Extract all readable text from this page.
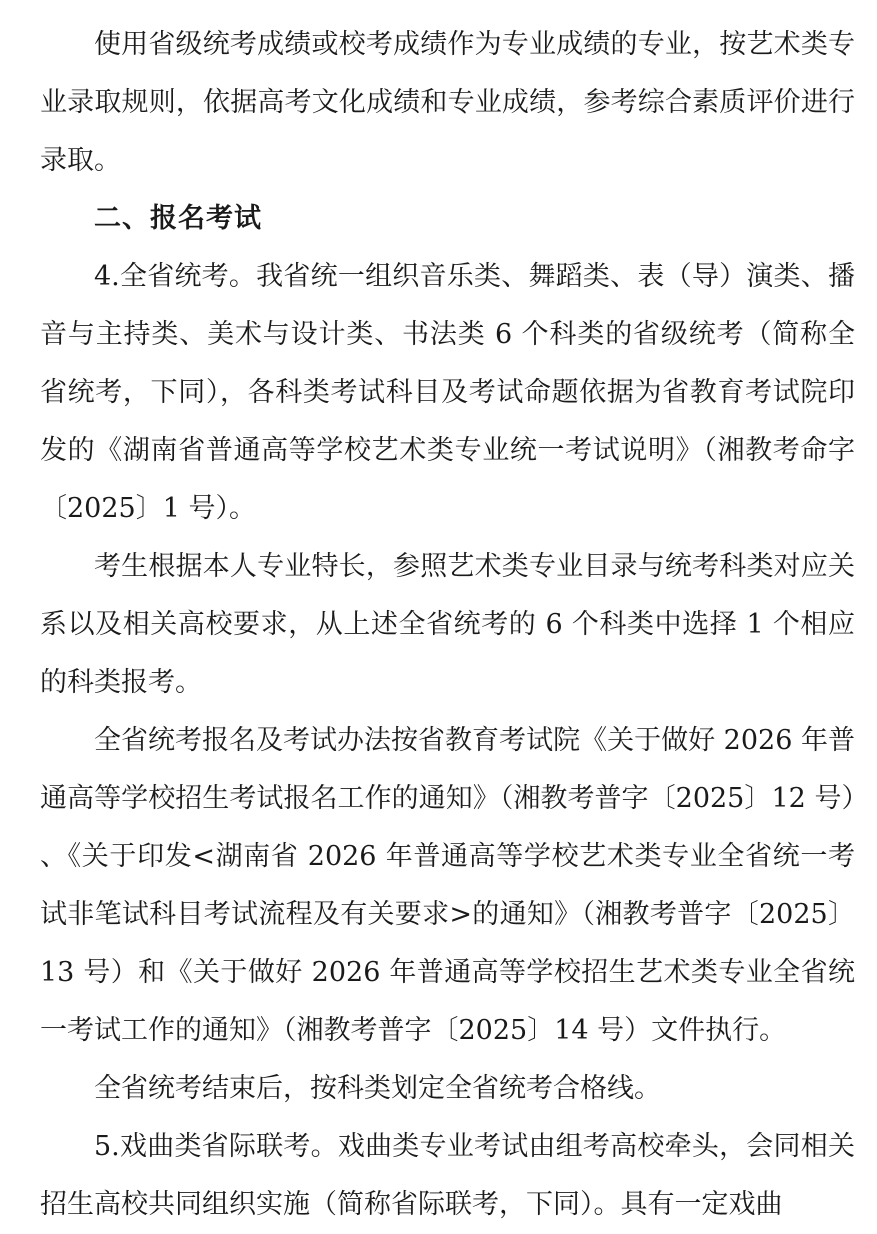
使用省级统考成绩或校考成绩作为专业成绩的专业，按艺术类专业录取规则，依据高考文化成绩和专业成绩，参考综合素质评价进行录取。

二、报名考试

4.全省统考。我省统一组织音乐类、舞蹈类、表（导）演类、播音与主持类、美术与设计类、书法类 6 个科类的省级统考（简称全省统考，下同），各科类考试科目及考试命题依据为省教育考试院印发的《湖南省普通高等学校艺术类专业统一考试说明》（湘教考命字〔2025〕1 号）。

考生根据本人专业特长，参照艺术类专业目录与统考科类对应关系以及相关高校要求，从上述全省统考的 6 个科类中选择 1 个相应的科类报考。

全省统考报名及考试办法按省教育考试院《关于做好 2026 年普通高等学校招生考试报名工作的通知》（湘教考普字〔2025〕12 号）、《关于印发<湖南省 2026 年普通高等学校艺术类专业全省统一考试非笔试科目考试流程及有关要求>的通知》（湘教考普字〔2025〕13 号）和《关于做好 2026 年普通高等学校招生艺术类专业全省统一考试工作的通知》（湘教考普字〔2025〕14 号）文件执行。

全省统考结束后，按科类划定全省统考合格线。

5.戏曲类省际联考。戏曲类专业考试由组考高校牵头，会同相关招生高校共同组织实施（简称省际联考，下同）。具有一定戏曲
